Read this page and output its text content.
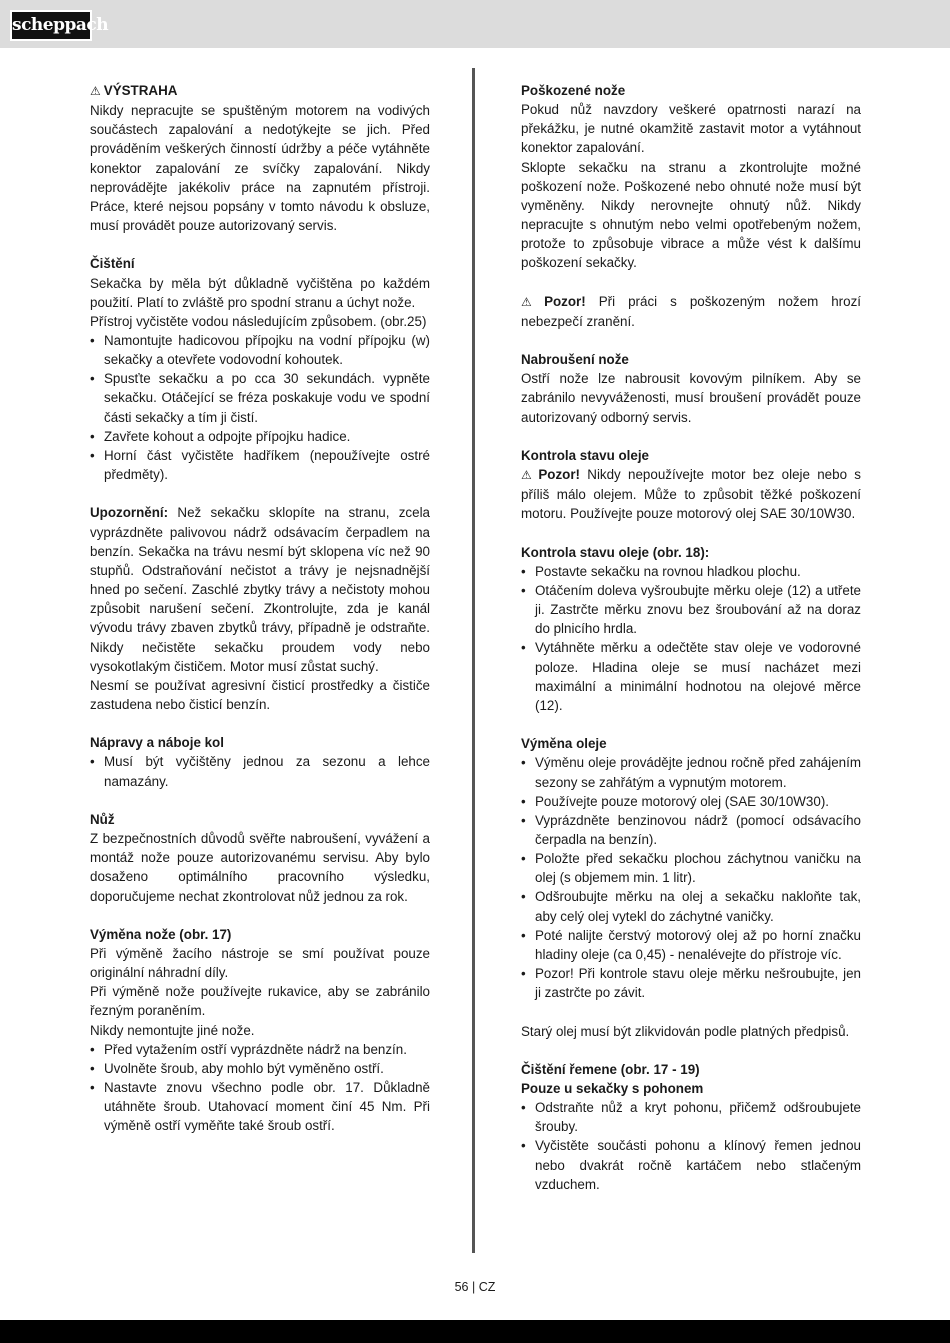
scheppach
⚠ VÝSTRAHA

Nikdy nepracujte se spuštěným motorem na vodivých součástech zapalování a nedotýkejte se jich. Před prováděním veškerých činností údržby a péče vytáhněte konektor zapalování ze svíčky zapalování. Nikdy neprovádějte jakékoliv práce na zapnutém přístroji. Práce, které nejsou popsány v tomto návodu k obsluze, musí provádět pouze autorizovaný servis.

Čištění

Sekačka by měla být důkladně vyčištěna po každém použití. Platí to zvláště pro spodní stranu a úchyt nože.

Přístroj vyčistěte vodou následujícím způsobem. (obr.25)

• Namontujte hadicovou přípojku na vodní přípojku (w) sekačky a otevřete vodovodní kohoutek.
• Spusťte sekačku a po cca 30 sekundách. vypněte sekačku. Otáčející se fréza poskakuje vodu ve spodní části sekačky a tím ji čistí.
• Zavřete kohout a odpojte přípojku hadice.
• Horní část vyčistěte hadříkem (nepoužívejte ostré předměty).

Upozornění: Než sekačku sklopíte na stranu, zcela vyprázdněte palivovou nádrž odsávacím čerpadlem na benzín. Sekačka na trávu nesmí být sklopena víc než 90 stupňů. Odstraňování nečistot a trávy je nejsnadnější hned po sečení. Zaschlé zbytky trávy a nečistoty mohou způsobit narušení sečení. Zkontrolujte, zda je kanál vývodu trávy zbaven zbytků trávy, případně je odstraňte. Nikdy nečistěte sekačku proudem vody nebo vysokotlakým čističem. Motor musí zůstat suchý.

Nesmí se používat agresivní čisticí prostředky a čističe zastudena nebo čisticí benzín.

Nápravy a náboje kol
• Musí být vyčištěny jednou za sezonu a lehce namazány.
Nůž

Z bezpečnostních důvodů svěřte nabroušení, vyvážení a montáž nože pouze autorizovanému servisu. Aby bylo dosaženo optimálního pracovního výsledku, doporučujeme nechat zkontrolovat nůž jednou za rok.

Výměna nože (obr. 17)

Při výměně žacího nástroje se smí používat pouze originální náhradní díly.

Při výměně nože používejte rukavice, aby se zabránilo řezným poraněním.

Nikdy nemontujte jiné nože.

• Před vytažením ostří vyprázdněte nádrž na benzín.
• Uvolněte šroub, aby mohlo být vyměněno ostří.
• Nastavte znovu všechno podle obr. 17. Důkladně utáhněte šroub. Utahovací moment činí 45 Nm. Při výměně ostří vyměňte také šroub ostří.
Poškozené nože

Pokud nůž navzdory veškeré opatrnosti narazí na překážku, je nutné okamžitě zastavit motor a vytáhnout konektor zapalování.

Sklopte sekačku na stranu a zkontrolujte možné poškození nože. Poškozené nebo ohnuté nože musí být vyměněny. Nikdy nerovnejte ohnutý nůž. Nikdy nepracujte s ohnutým nebo velmi opotřebeným nožem, protože to způsobuje vibrace a může vést k dalšímu poškození sekačky.

⚠ Pozor! Při práci s poškozeným nožem hrozí nebezpečí zranění.

Nabroušení nože

Ostří nože lze nabrousit kovovým pilníkem. Aby se zabránilo nevyváženosti, musí broušení provádět pouze autorizovaný odborný servis.

Kontrola stavu oleje

⚠ Pozor! Nikdy nepoužívejte motor bez oleje nebo s příliš málo olejem. Může to způsobit těžké poškození motoru. Používejte pouze motorový olej SAE 30/10W30.

Kontrola stavu oleje (obr. 18):
• Postavte sekačku na rovnou hladkou plochu.
• Otáčením doleva vyšroubujte měrku oleje (12) a utřete ji. Zastrčte měrku znovu bez šroubování až na doraz do plnicího hrdla.
• Vytáhněte měrku a odečtěte stav oleje ve vodorovné poloze. Hladina oleje se musí nacházet mezi maximální a minimální hodnotou na olejové měrce (12).
Výměna oleje
• Výměnu oleje provádějte jednou ročně před zahájením sezony se zahřátým a vypnutým motorem.
• Používejte pouze motorový olej (SAE 30/10W30).
• Vyprázdněte benzinovou nádrž (pomocí odsávacího čerpadla na benzín).
• Položte před sekačku plochou záchytnou vaničku na olej (s objemem min. 1 litr).
• Odšroubujte měrku na olej a sekačku nakloňte tak, aby celý olej vytekl do záchytné vaničky.
• Poté nalijte čerstvý motorový olej až po horní značku hladiny oleje (ca 0,45) - nenalévejte do přístroje víc.
• Pozor! Při kontrole stavu oleje měrku nešroubujte, jen ji zastrčte po závit.

Starý olej musí být zlikvidován podle platných předpisů.

Čištění řemene (obr. 17 - 19)
Pouze u sekačky s pohonem
• Odstraňte nůž a kryt pohonu, přičemž odšroubujete šrouby.
• Vyčistěte součásti pohonu a klínový řemen jednou nebo dvakrát ročně kartáčem nebo stlačeným vzduchem.
56 | CZ
